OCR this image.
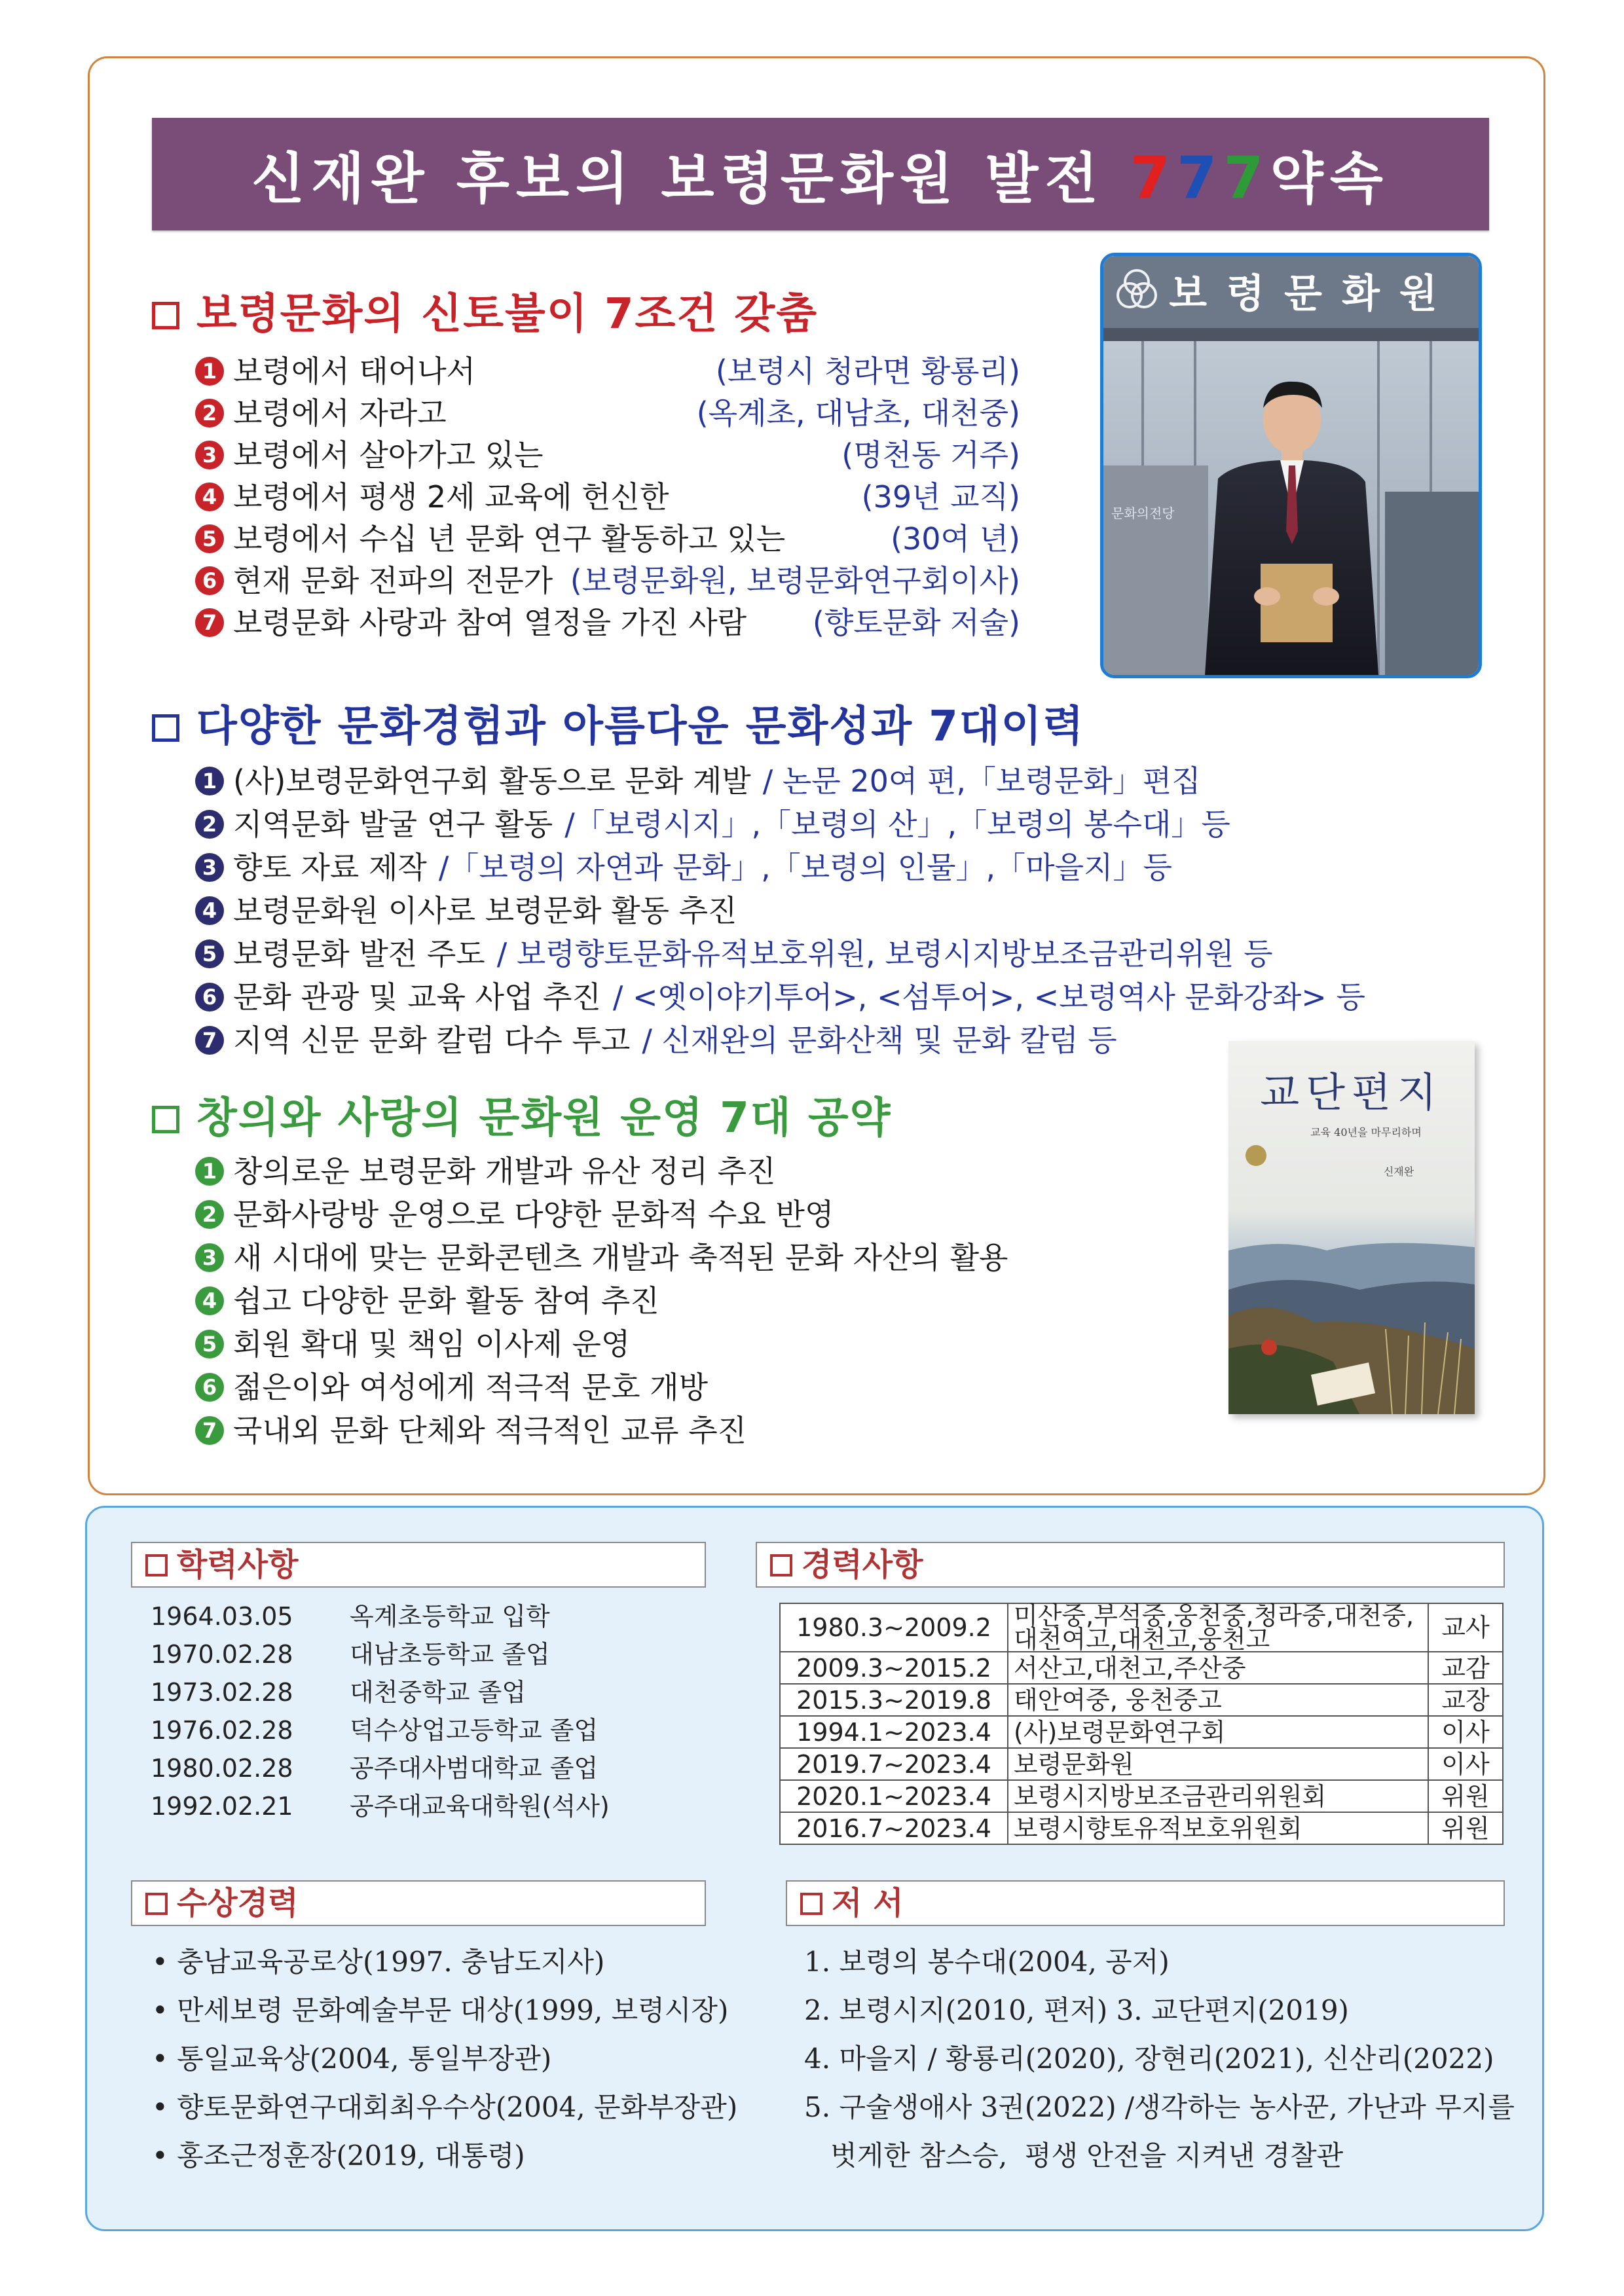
신재완 후보의 보령문화원 발전 777약속
보령문화의 신토불이 7조건 갖춤
1 보령에서 태어나서	(보령시 청라면 황룡리)
2 보령에서 자라고	(옥계초, 대남초, 대천중)
3 보령에서 살아가고 있는	(명천동 거주)
4 보령에서 평생 2세 교육에 헌신한	(39년 교직)
5 보령에서 수십 년 문화 연구 활동하고 있는	(30여 년)
6 현재 문화 전파의 전문가 (보령문화원, 보령문화연구회이사)
7 보령문화 사랑과 참여 열정을 가진 사람 (향토문화 저술)
보령문화원
문화의전당
다양한 문화경험과 아름다운 문화성과 7대이력
1 (사)보령문화연구회 활동으로 문화 계발 / 논문 20여 편,「보령문화」편집
2 지역문화 발굴 연구 활동 /「보령시지」,「보령의 산」,「보령의 봉수대」등
3 향토 자료 제작 /「보령의 자연과 문화」,「보령의 인물」,「마을지」등
4 보령문화원 이사로 보령문화 활동 추진
5 보령문화 발전 주도 / 보령향토문화유적보호위원, 보령시지방보조금관리위원 등
6 문화 관광 및 교육 사업 추진 / <옛이야기투어>, <섬투어>, <보령역사 문화강좌> 등
7 지역 신문 문화 칼럼 다수 투고 / 신재완의 문화산책 및 문화 칼럼 등
창의와 사랑의 문화원 운영 7대 공약
1 창의로운 보령문화 개발과 유산 정리 추진
2 문화사랑방 운영으로 다양한 문화적 수요 반영
3 새 시대에 맞는 문화콘텐츠 개발과 축적된 문화 자산의 활용
4 쉽고 다양한 문화 활동 참여 추진
5 회원 확대 및 책임 이사제 운영
6 젊은이와 여성에게 적극적 문호 개방
7 국내외 문화 단체와 적극적인 교류 추진
교단편지
교육 40년을 마무리하며
신재완
학력사항
1964.03.05 옥계초등학교 입학
1970.02.28 대남초등학교 졸업
1973.02.28 대천중학교 졸업
1976.02.28 덕수상업고등학교 졸업
1980.02.28 공주대사범대학교 졸업
1992.02.21 공주대교육대학원(석사)
경력사항
1980.3~2009.2	미산중,부석중,웅천중,청라중,대천중,
대천여고,대천고,웅천고	교사
2009.3~2015.2	서산고,대천고,주산중	교감
2015.3~2019.8	태안여중, 웅천중고	교장
1994.1~2023.4	(사)보령문화연구회	이사
2019.7~2023.4	보령문화원	이사
2020.1~2023.4	보령시지방보조금관리위원회	위원
2016.7~2023.4	보령시향토유적보호위원회	위원
수상경력
• 충남교육공로상(1997. 충남도지사)
• 만세보령 문화예술부문 대상(1999, 보령시장)
• 통일교육상(2004, 통일부장관)
• 향토문화연구대회최우수상(2004, 문화부장관)
• 홍조근정훈장(2019, 대통령)
저 서
1. 보령의 봉수대(2004, 공저)
2. 보령시지(2010, 편저) 3. 교단편지(2019)
4. 마을지 / 황룡리(2020), 장현리(2021), 신산리(2022)
5. 구술생애사 3권(2022) /생각하는 농사꾼, 가난과 무지를
벗게한 참스승,  평생 안전을 지켜낸 경찰관
